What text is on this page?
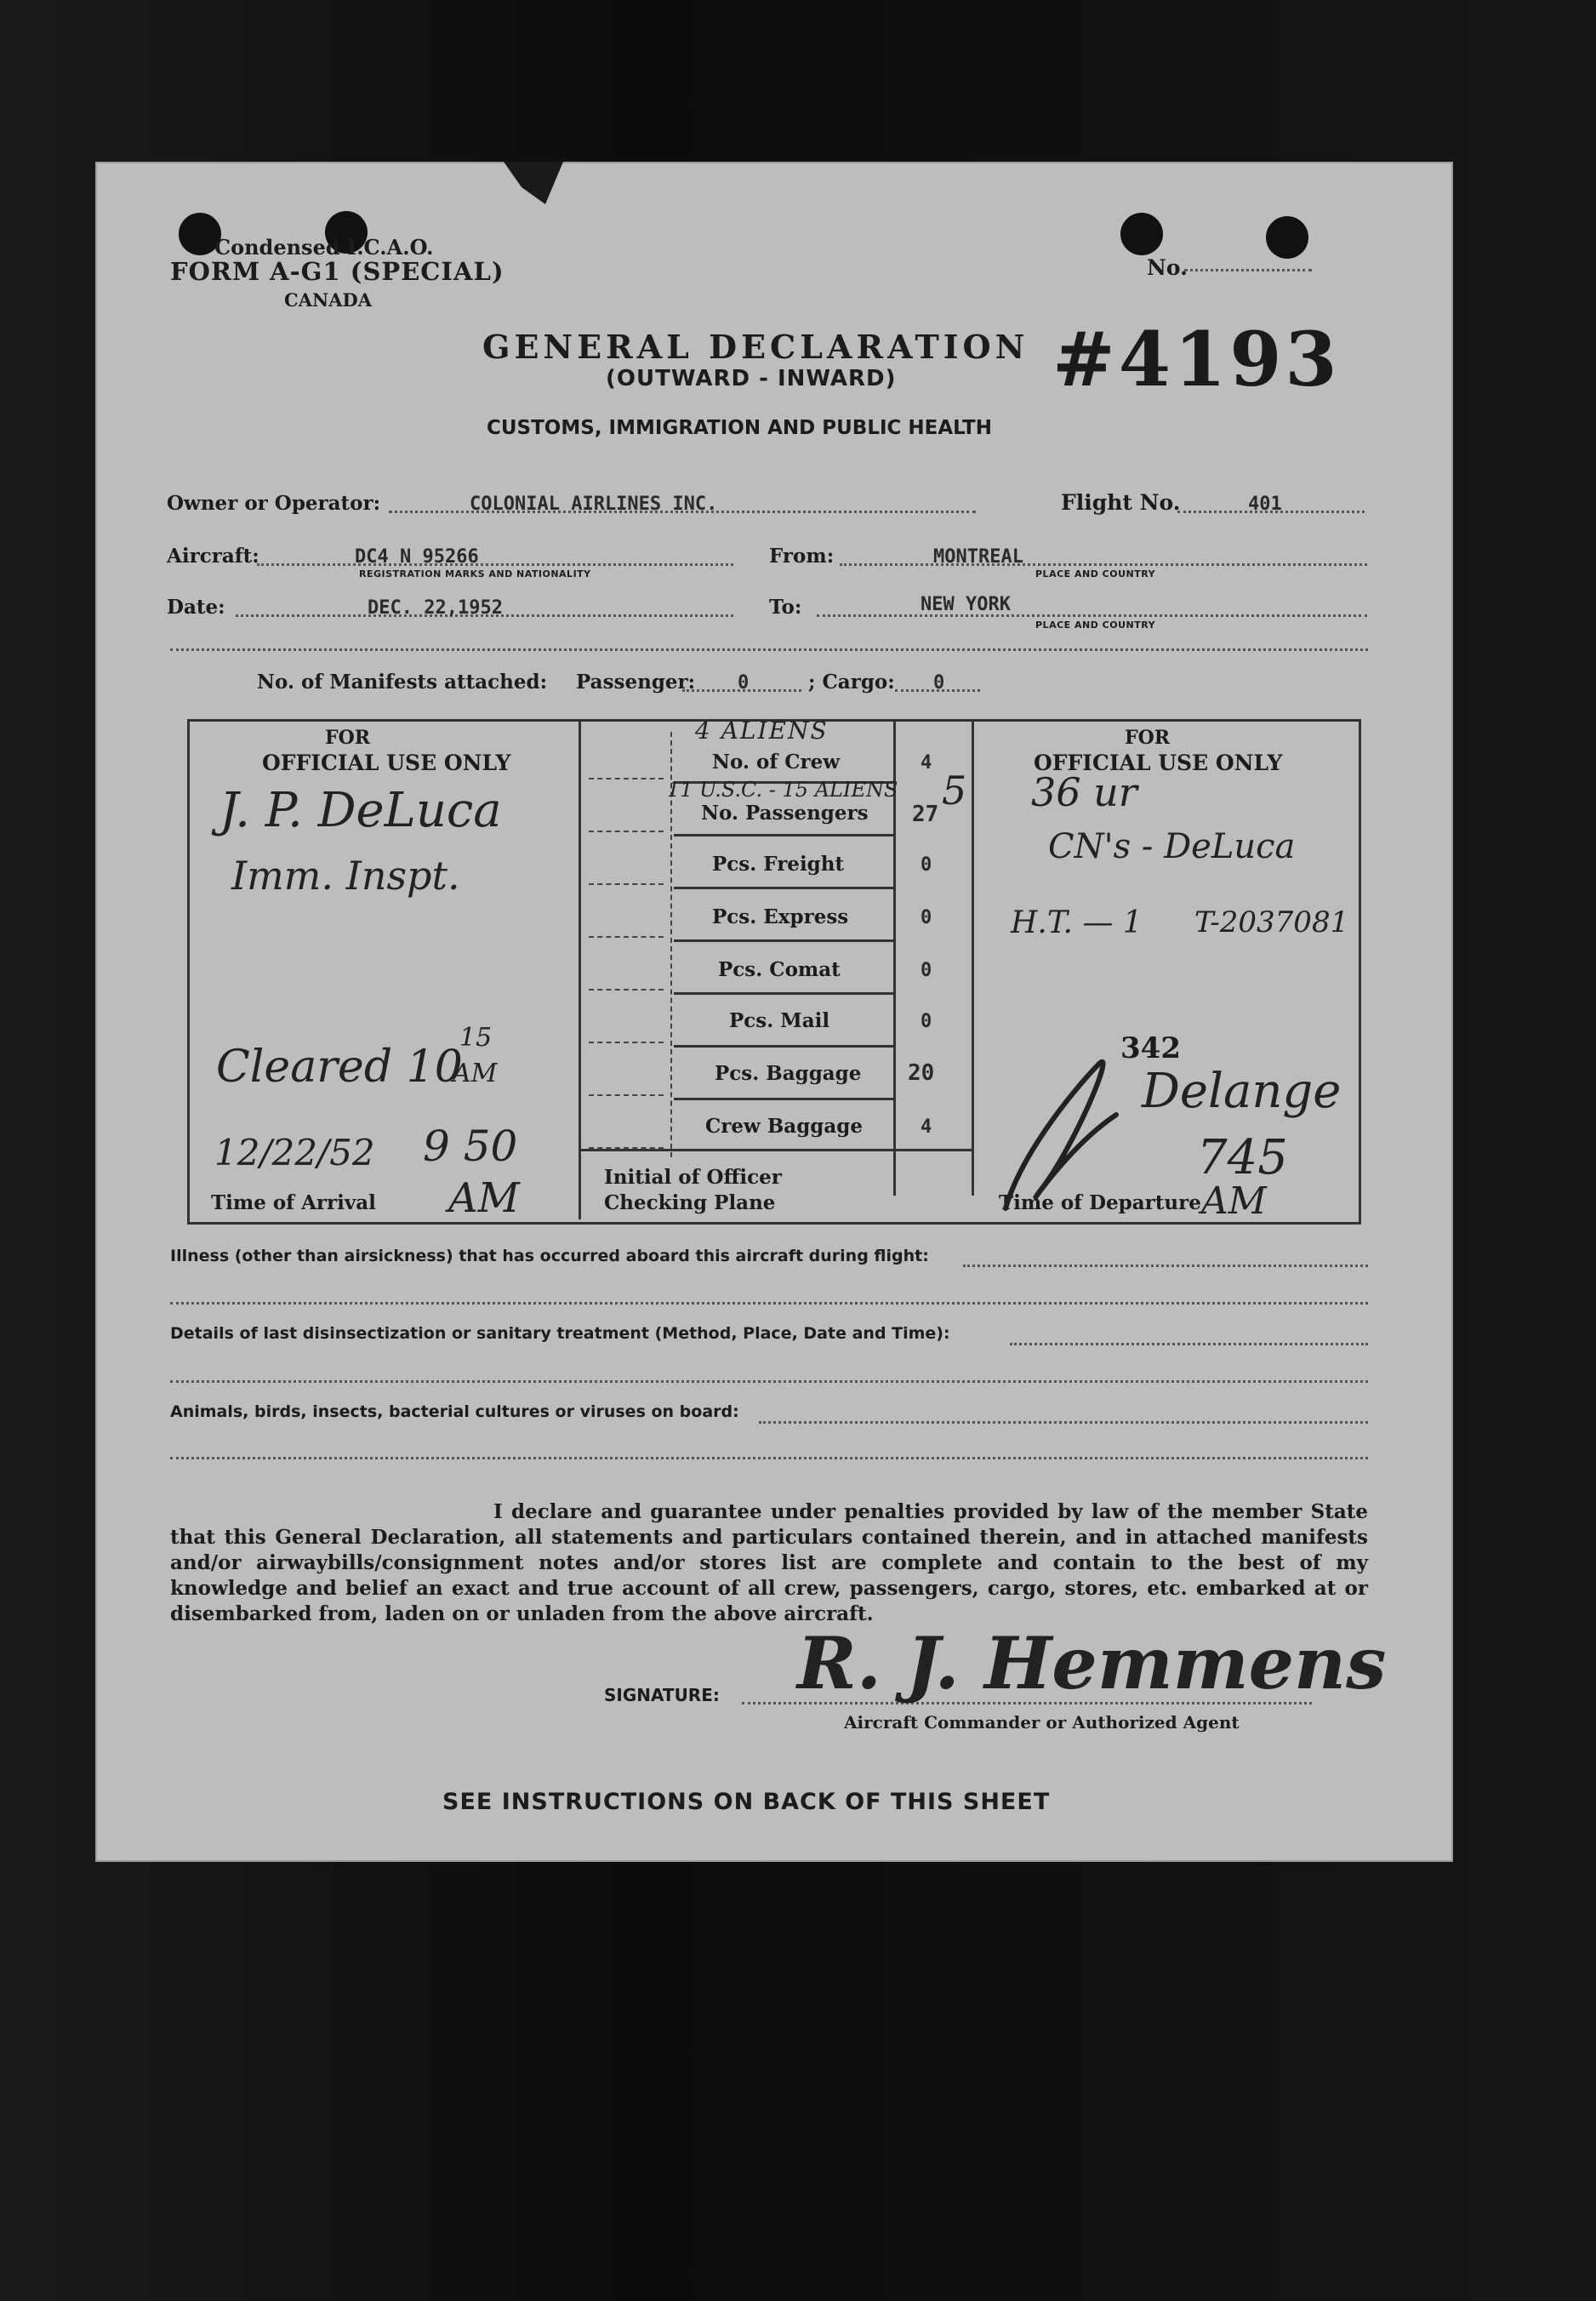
Condensed I.C.A.O.
FORM A-G1 (SPECIAL)
CANADA
No.
GENERAL DECLARATION
(OUTWARD - INWARD) #4193
CUSTOMS, IMMIGRATION AND PUBLIC HEALTH
Owner or Operator:	COLONIAL AIRLINES INC.	Flight No.	401
Aircraft:	DC4 N 95266
REGISTRATION MARKS AND NATIONALITY
From:	MONTREAL
PLACE AND COUNTRY
Date:	DEC. 22,1952	To:	NEW YORK
PLACE AND COUNTRY
No. of Manifests attached: Passenger: 0	; Cargo: 0
FOR
OFFICIAL USE ONLY
FOR
OFFICIAL USE ONLY
No. of Crew	4
No. Passengers 27
Pcs. Freight	0
Pcs. Express	0
Pcs. Comat	0
Pcs. Mail	0
Pcs. Baggage 20
Crew Baggage	4
Time of Arrival
Initial of Officer
Checking Plane	Time of Departure
4 ALIENS
11 U.S.C. - 15 ALIENS 5
J. P. DeLuca
Imm. Inspt.
36 ur
CN's - DeLuca
H.T. — 1 T-2037081
Cleared 10
15
AM
12/22/52 9 50
AM
342
Delange
745
AM
Illness (other than airsickness) that has occurred aboard this aircraft during flight:
Details of last disinsectization or sanitary treatment (Method, Place, Date and Time):
Animals, birds, insects, bacterial cultures or viruses on board:
I declare and guarantee under penalties provided by law of the member State that this General Declaration, all statements and particulars contained therein, and in attached manifests and/or airwaybills/consignment notes and/or stores list are complete and contain to the best of my knowledge and belief an exact and true account of all crew, passengers, cargo, stores, etc. embarked at or disembarked from, laden on or unladen from the above aircraft.
SIGNATURE: R. J. Hemmens
Aircraft Commander or Authorized Agent
SEE INSTRUCTIONS ON BACK OF THIS SHEET
